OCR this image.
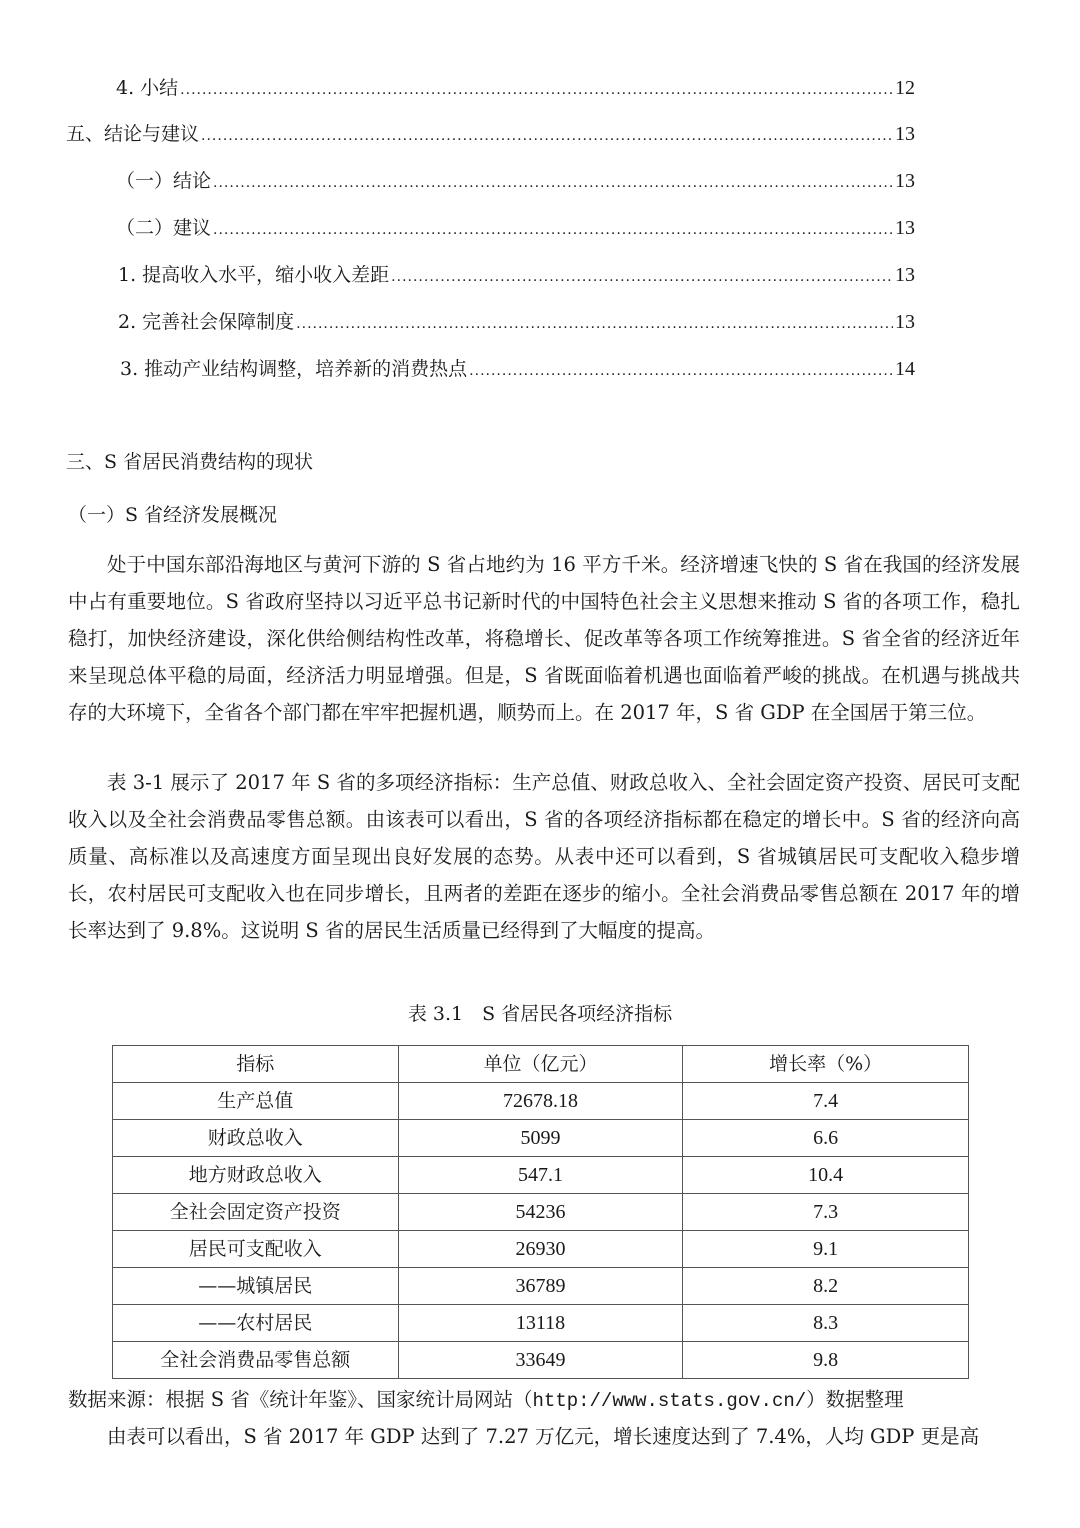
4. 小结 .....	12
五、结论与建议 .....	13
（一）结论 .....	13
（二）建议 .....	13
1. 提高收入水平，缩小收入差距 .....	13
2. 完善社会保障制度 .....	13
3. 推动产业结构调整，培养新的消费热点 .....	14
三、S 省居民消费结构的现状
（一）S 省经济发展概况

处于中国东部沿海地区与黄河下游的 S 省占地约为 16 平方千米。经济增速飞快的 S 省在我国的经济发展中占有重要地位。S 省政府坚持以习近平总书记新时代的中国特色社会主义思想来推动 S 省的各项工作，稳扎稳打，加快经济建设，深化供给侧结构性改革，将稳增长、促改革等各项工作统筹推进。S 省全省的经济近年来呈现总体平稳的局面，经济活力明显增强。但是，S 省既面临着机遇也面临着严峻的挑战。在机遇与挑战共存的大环境下，全省各个部门都在牢牢把握机遇，顺势而上。在 2017 年，S 省 GDP 在全国居于第三位。

表 3-1 展示了 2017 年 S 省的多项经济指标：生产总值、财政总收入、全社会固定资产投资、居民可支配收入以及全社会消费品零售总额。由该表可以看出，S 省的各项经济指标都在稳定的增长中。S 省的经济向高质量、高标准以及高速度方面呈现出良好发展的态势。从表中还可以看到，S 省城镇居民可支配收入稳步增长，农村居民可支配收入也在同步增长，且两者的差距在逐步的缩小。全社会消费品零售总额在 2017 年的增长率达到了 9.8%。这说明 S 省的居民生活质量已经得到了大幅度的提高。

表 3.1　S 省居民各项经济指标
指标	单位（亿元）	增长率（%）
生产总值	72678.18	7.4
财政总收入	5099	6.6
地方财政总收入	547.1	10.4
全社会固定资产投资	54236	7.3
居民可支配收入	26930	9.1
——城镇居民	36789	8.2
——农村居民	13118	8.3
全社会消费品零售总额	33649	9.8
数据来源：根据 S 省《统计年鉴》、国家统计局网站（http://www.stats.gov.cn/）数据整理
由表可以看出，S 省 2017 年 GDP 达到了 7.27 万亿元，增长速度达到了 7.4%，人均 GDP 更是高
